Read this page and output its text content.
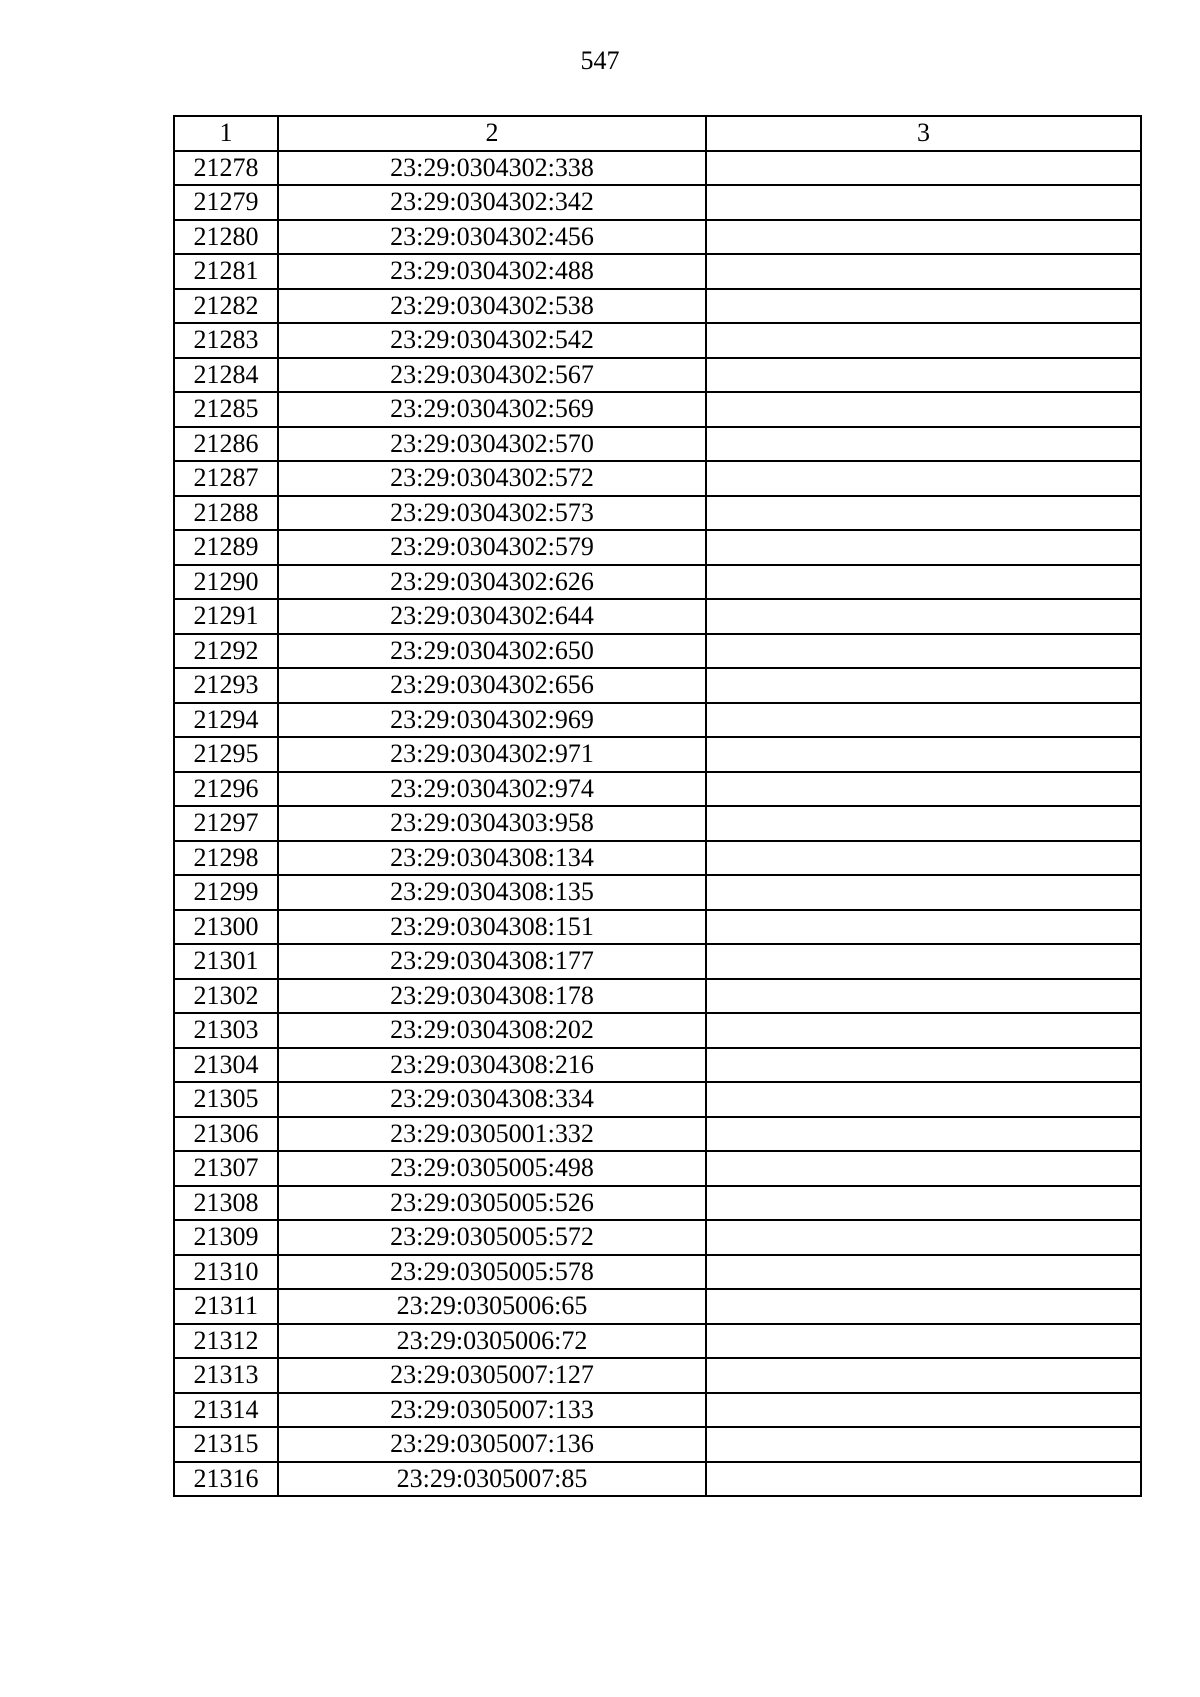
547
1	2	3
21278	23:29:0304302:338	
21279	23:29:0304302:342	
21280	23:29:0304302:456	
21281	23:29:0304302:488	
21282	23:29:0304302:538	
21283	23:29:0304302:542	
21284	23:29:0304302:567	
21285	23:29:0304302:569	
21286	23:29:0304302:570	
21287	23:29:0304302:572	
21288	23:29:0304302:573	
21289	23:29:0304302:579	
21290	23:29:0304302:626	
21291	23:29:0304302:644	
21292	23:29:0304302:650	
21293	23:29:0304302:656	
21294	23:29:0304302:969	
21295	23:29:0304302:971	
21296	23:29:0304302:974	
21297	23:29:0304303:958	
21298	23:29:0304308:134	
21299	23:29:0304308:135	
21300	23:29:0304308:151	
21301	23:29:0304308:177	
21302	23:29:0304308:178	
21303	23:29:0304308:202	
21304	23:29:0304308:216	
21305	23:29:0304308:334	
21306	23:29:0305001:332	
21307	23:29:0305005:498	
21308	23:29:0305005:526	
21309	23:29:0305005:572	
21310	23:29:0305005:578	
21311	23:29:0305006:65	
21312	23:29:0305006:72	
21313	23:29:0305007:127	
21314	23:29:0305007:133	
21315	23:29:0305007:136	
21316	23:29:0305007:85	
